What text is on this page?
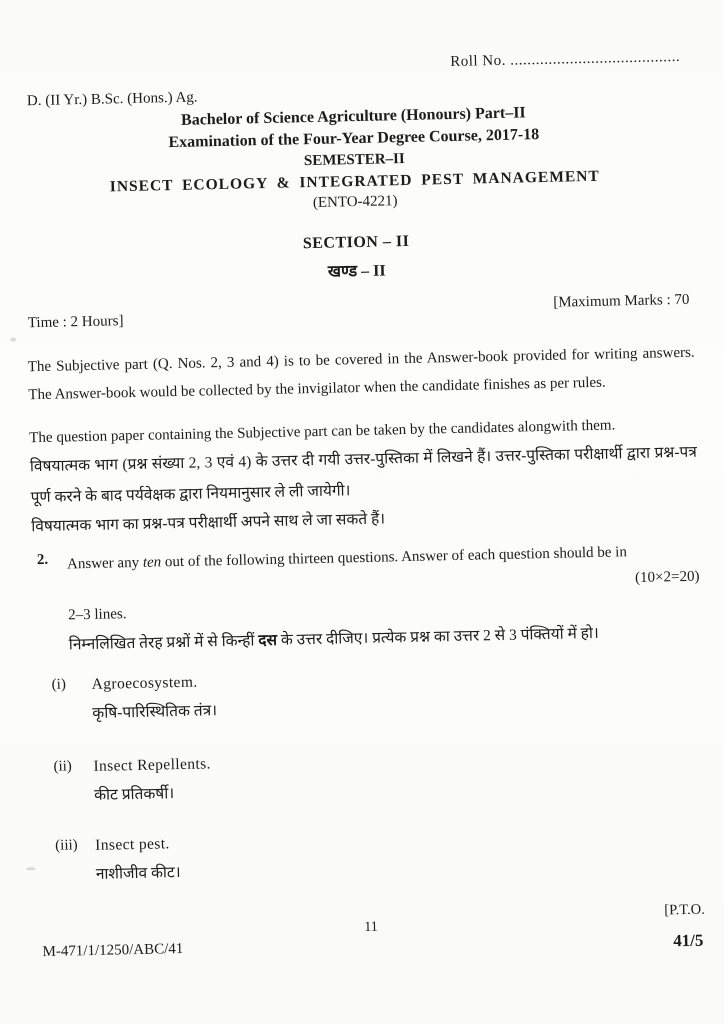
Roll No. ........................................
D. (II Yr.) B.Sc. (Hons.) Ag.
Bachelor of Science Agriculture (Honours) Part–II
Examination of the Four-Year Degree Course, 2017-18
SEMESTER–II
INSECT ECOLOGY & INTEGRATED PEST MANAGEMENT
(ENTO-4221)
SECTION – II
खण्ड – II
Time : 2 Hours]
[Maximum Marks : 70
The Subjective part (Q. Nos. 2, 3 and 4) is to be covered in the Answer-book provided for writing answers. The Answer-book would be collected by the invigilator when the candidate finishes as per rules.
The question paper containing the Subjective part can be taken by the candidates alongwith them.
विषयात्मक भाग (प्रश्न संख्या 2, 3 एवं 4) के उत्तर दी गयी उत्तर-पुस्तिका में लिखने हैं। उत्तर-पुस्तिका परीक्षार्थी द्वारा प्रश्न-पत्र पूर्ण करने के बाद पर्यवेक्षक द्वारा नियमानुसार ले ली जायेगी।
विषयात्मक भाग का प्रश्न-पत्र परीक्षार्थी अपने साथ ले जा सकते हैं।
2.	Answer any ten out of the following thirteen questions. Answer of each question should be in
(10×2=20)
2–3 lines.
निम्नलिखित तेरह प्रश्नों में से किन्हीं दस के उत्तर दीजिए। प्रत्येक प्रश्न का उत्तर 2 से 3 पंक्तियों में हो।
(i)	Agroecosystem.
कृषि-पारिस्थितिक तंत्र।
(ii)	Insect Repellents.
कीट प्रतिकर्षी।
(iii)	Insect pest.
नाशीजीव कीट।
M-471/1/1250/ABC/41
11
[P.T.O.
41/5
